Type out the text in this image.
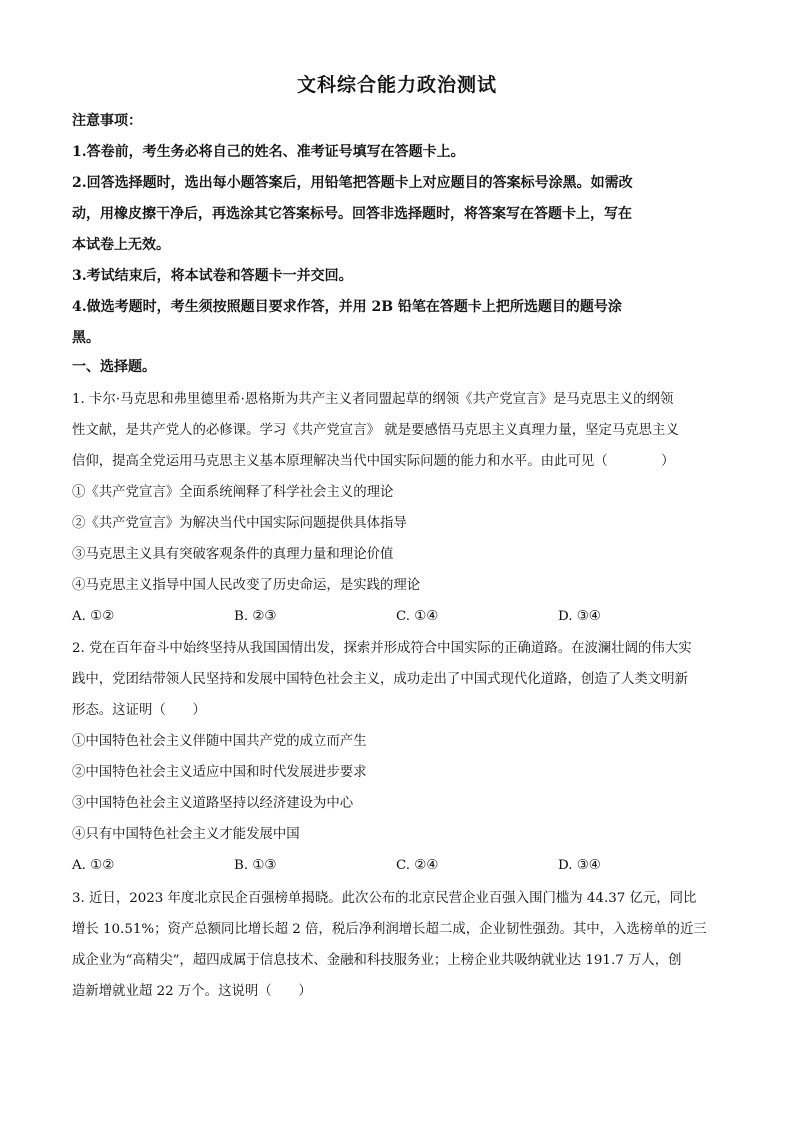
文科综合能力政治测试

注意事项：

1.答卷前，考生务必将自己的姓名、准考证号填写在答题卡上。

2.回答选择题时，选出每小题答案后，用铅笔把答题卡上对应题目的答案标号涂黑。如需改

动，用橡皮擦干净后，再选涂其它答案标号。回答非选择题时，将答案写在答题卡上，写在

本试卷上无效。

3.考试结束后，将本试卷和答题卡一并交回。

4.做选考题时，考生须按照题目要求作答，并用 2B 铅笔在答题卡上把所选题目的题号涂

黑。

一、选择题。

1. 卡尔·马克思和弗里德里希·恩格斯为共产主义者同盟起草的纲领《共产党宣言》是马克思主义的纲领

性文献，是共产党人的必修课。学习《共产党宣言》 就是要感悟马克思主义真理力量，坚定马克思主义

信仰，提高全党运用马克思主义基本原理解决当代中国实际问题的能力和水平。由此可见（　　　　）

①《共产党宣言》全面系统阐释了科学社会主义的理论

②《共产党宣言》为解决当代中国实际问题提供具体指导

③马克思主义具有突破客观条件的真理力量和理论价值

④马克思主义指导中国人民改变了历史命运，是实践的理论

A. ①②	B. ②③	C. ①④	D. ③④

2. 党在百年奋斗中始终坚持从我国国情出发，探索并形成符合中国实际的正确道路。在波澜壮阔的伟大实

践中，党团结带领人民坚持和发展中国特色社会主义，成功走出了中国式现代化道路，创造了人类文明新

形态。这证明（　　）

①中国特色社会主义伴随中国共产党的成立而产生

②中国特色社会主义适应中国和时代发展进步要求

③中国特色社会主义道路坚持以经济建设为中心

④只有中国特色社会主义才能发展中国

A. ①②	B. ①③	C. ②④	D. ③④

3. 近日，2023 年度北京民企百强榜单揭晓。此次公布的北京民营企业百强入围门槛为 44.37 亿元，同比

增长 10.51%；资产总额同比增长超 2 倍，税后净利润增长超二成，企业韧性强劲。其中，入选榜单的近三

成企业为“高精尖”，超四成属于信息技术、金融和科技服务业；上榜企业共吸纳就业达 191.7 万人，创

造新增就业超 22 万个。这说明（　　）
